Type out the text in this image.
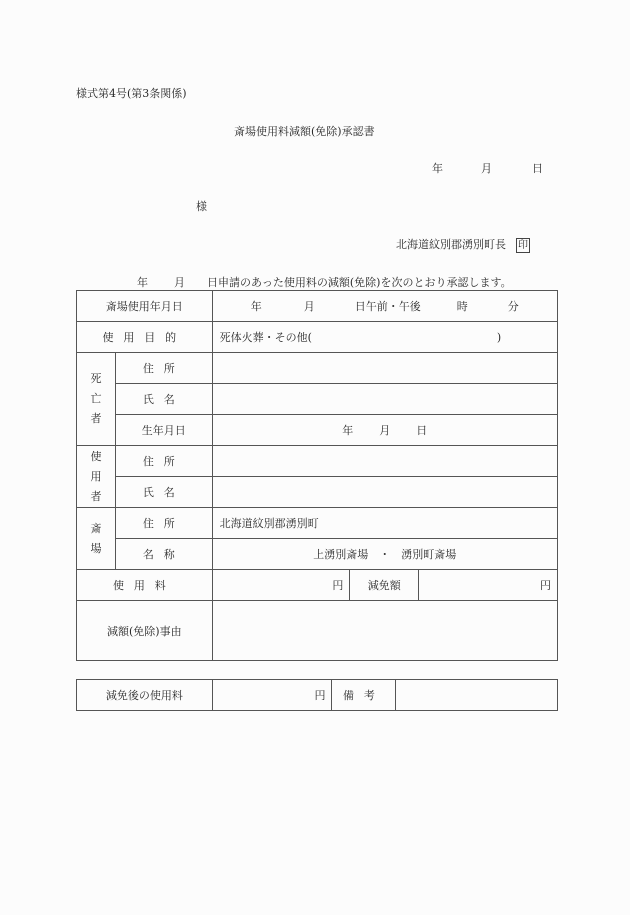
様式第4号(第3条関係)
斎場使用料減額(免除)承認書
年	月	日
様
北海道紋別郡湧別町長 印
年 月 日申請のあった使用料の減額(免除)を次のとおり承認します。
斎場使用年月日		年 月 日午前・午後 時 分		
使用目的		死体火葬・その他( )		
死
亡
者	住所			
	氏名			
	生年月日	年 月 日		
使
用
者	住所			
	氏名			
斎
場	住所	北海道紋別郡湧別町		
	名称	上湧別斎場　・　湧別町斎場		
使用料		円	減免額	円
減額(免除)事由				
減免後の使用料	円	備考	
